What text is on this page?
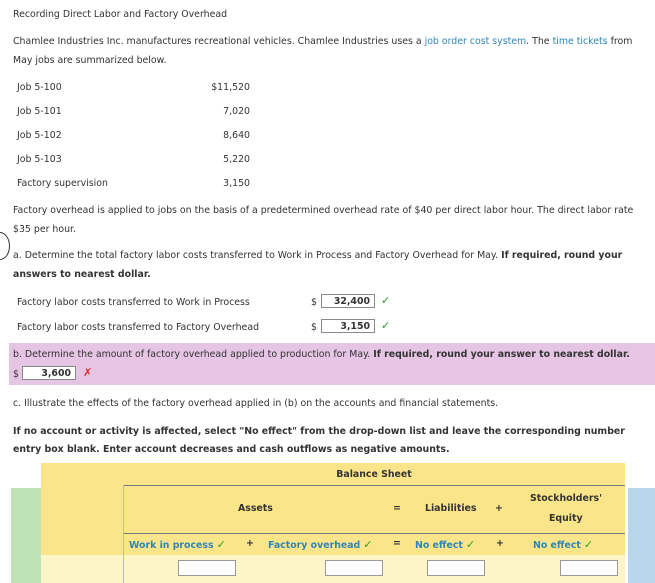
Recording Direct Labor and Factory Overhead
Chamlee Industries Inc. manufactures recreational vehicles. Chamlee Industries uses a job order cost system. The time tickets from
May jobs are summarized below.
Job 5-100	$11,520
Job 5-101	7,020
Job 5-102	8,640
Job 5-103	5,220
Factory supervision	3,150
Factory overhead is applied to jobs on the basis of a predetermined overhead rate of $40 per direct labor hour. The direct labor rate
$35 per hour.
a. Determine the total factory labor costs transferred to Work in Process and Factory Overhead for May. If required, round your
answers to nearest dollar.
Factory labor costs transferred to Work in Process	$	32,400	✓
Factory labor costs transferred to Factory Overhead	$	3,150	✓
b. Determine the amount of factory overhead applied to production for May. If required, round your answer to nearest dollar.
$	3,600	✗
c. Illustrate the effects of the factory overhead applied in (b) on the accounts and financial statements.
If no account or activity is affected, select "No effect" from the drop-down list and leave the corresponding number
entry box blank. Enter account decreases and cash outflows as negative amounts.
Balance Sheet
Assets	=	Liabilities +
Stockholders'
Equity
Work in process ✓ + Factory overhead ✓ = No effect ✓ +	No effect ✓
